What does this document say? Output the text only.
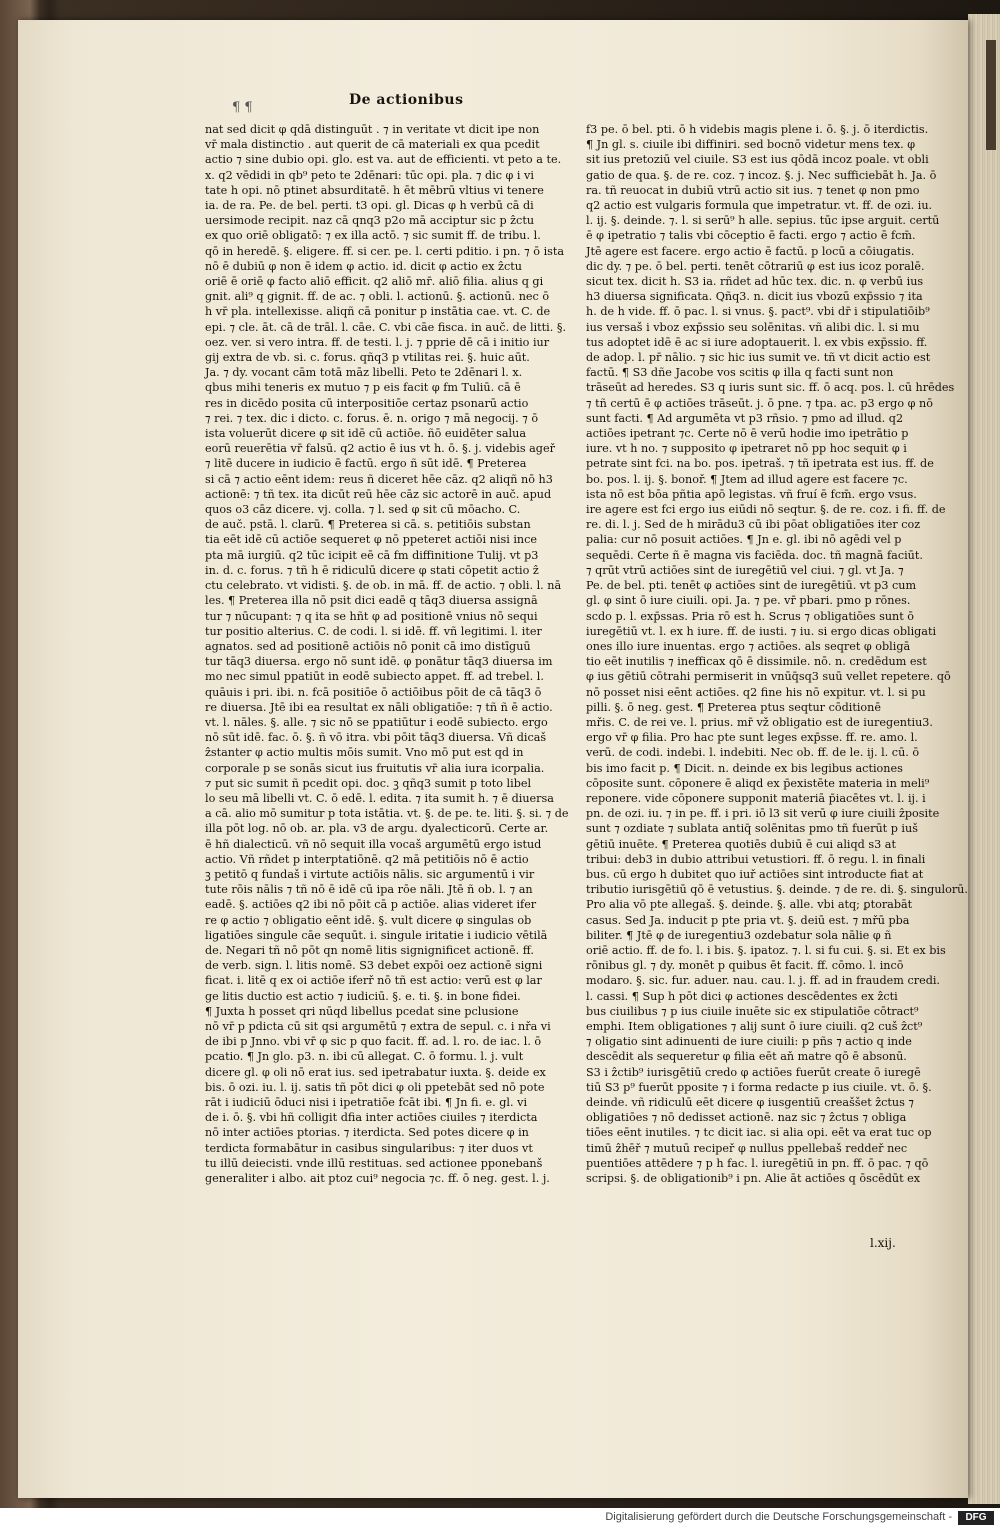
¶ ¶	De actionibus
nat sed dicit φ qdā distinguūt . ⁊ in veritate vt dicit ipe non
vr̄ mala distinctio . aut querit de cā materiali ex qua pcedit
actio ⁊ sine dubio opi. glo. est va. aut de efficienti. vt peto a te.
x. q2 vēdidi in qb⁹ peto te 2dēnari: tūc opi. pla. ⁊ dic φ i vi
tate h opi. nō ptinet absurditatē. h ēt mēbrū vltius vi tenere
ia. de ra. Pe. de bel. perti. t3 opi. gl. Dicas φ h verbū cā di
uersimode recipit. naz cā qnq3 p2o mā acciptur sic p ẑctu
ex quo oriē obligatō: ⁊ ex illa actō. ⁊ sic sumit ff. de tribu. l.
qō in heredē. §. eligere. ff. si cer. pe. l. certi pditio. i pn. ⁊ ō ista
nō ē dubiū φ non ē idem φ actio. id. dicit φ actio ex ẑctu
oriē ē oriē φ facto aliō efficit. q2 aliō mr̄. aliō filia. alius q gi
gnit. ali⁹ q gignit. ff. de ac. ⁊ obli. l. actionū. §. actionū. nec ō
h vr̄ pla. intellexisse. aliqñ cā ponitur p instātia cae. vt. C. de
epi. ⁊ cle. āt. cā de trāl. l. cāe. C. vbi cāe fisca. in auč. de litti. §.
oez. ver. si vero intra. ff. de testi. l. j. ⁊ pprie dē cā i initio iur
gij extra de vb. si. c. forus. qñq3 p vtilitas rei. §. huic aūt.
Ja. ⁊ dy. vocant cām totā māz libelli. Peto te 2dēnari l. x.
qbus mihi teneris ex mutuo ⁊ p eis facit φ fm Tuliū. cā ē
res in dicēdo posita cū interpositiōe certaz psonarū actio
⁊ rei. ⁊ tex. dic i dicto. c. forus. ē. n. origo ⁊ mā negocij. ⁊ ō
ista voluerūt dicere φ sit idē cū actiōe. ñō euidēter salua
eorū reuerētia vr̄ falsū. q2 actio ē ius vt h. ō. §. j. videbis ageř
⁊ litē ducere in iudicio ē factū. ergo ñ sūt idē. ¶ Preterea
si cā ⁊ actio eēnt idem: reus ñ diceret hēe cāz. q2 aliqñ nō h3
actionē: ⁊ tñ tex. ita dicūt reū hēe cāz sic actorē in auč. apud
quos o3 cāz dicere. vj. colla. ⁊ l. sed φ sit cū mōacho. C.
de auč. pstā. l. clarū. ¶ Preterea si cā. s. petitiōis substan
tia eēt idē cū actiōe sequeret φ nō ppeteret actiōi nisi ince
pta mā iurgiū. q2 tūc icipit eē cā fm diffinitione Tulij. vt p3
in. d. c. forus. ⁊ tñ h ē ridiculū dicere φ stati cōpetit actio ẑ
ctu celebrato. vt vidisti. §. de ob. in mā. ff. de actio. ⁊ obli. l. nā
les. ¶ Preterea illa nō psit dici eadē q tāq3 diuersa assignā
tur ⁊ nūcupant: ⁊ q ita se hñt φ ad positionē vnius nō sequi
tur positio alterius. C. de codi. l. si idē. ff. vñ legitimi. l. iter
agnatos. sed ad positionē actiōis nō ponit cā imo distīguū
tur tāq3 diuersa. ergo nō sunt idē. φ ponātur tāq3 diuersa im
mo nec simul ppatiūt in eodē subiecto appet. ff. ad trebel. l.
quāuis i pri. ibi. n. fcā positiōe ō actiōibus pōit de cā tāq3 ō
re diuersa. Jtē ibi ea resultat ex nāli obligatiōe: ⁊ tñ ñ ē actio.
vt. l. nāles. §. alle. ⁊ sic nō se ppatiūtur i eodē subiecto. ergo
nō sūt idē. fac. ō. §. ñ vō itra. vbi pōit tāq3 diuersa. Vñ dicaš
ẑstanter φ actio multis mōis sumit. Vno mō put est qd in
corporale p se sonās sicut ius fruitutis vr̄ alia iura icorpalia.
⁊ put sic sumit ñ pcedit opi. doc. ꝫ qñq3 sumit p toto libel
lo seu mā libelli vt. C. ō edē. l. edita. ⁊ ita sumit h. ⁊ ē diuersa
a cā. alio mō sumitur p tota istātia. vt. §. de pe. te. liti. §. si. ⁊ de
illa pōt log. nō ob. ar. pla. v3 de argu. dyalecticorū. Certe ar.
ē hñ dialecticū. vñ nō sequit illa vocaš argumētū ergo istud
actio. Vñ rñdet p interptatiōnē. q2 mā petitiōis nō ē actio
ꝫ petitō q fundaš i virtute actiōis nālis. sic argumentū i vir
tute rōis nālis ⁊ tñ nō ē idē cū ipa rōe nāli. Jtē ñ ob. l. ⁊ an
eadē. §. actiōes q2 ibi nō pōit cā p actiōe. alias videret ifer
re φ actio ⁊ obligatio eēnt idē. §. vult dicere φ singulas ob
ligatiōes singule cāe sequūt. i. singule iritatie i iudicio vētilā
de. Negari tñ nō pōt qn nomē litis signignificet actionē. ff.
de verb. sign. l. litis nomē. S3 debet expōi oez actionē signi
ficat. i. litē q ex oi actiōe iferř nō tñ est actio: verū est φ lar
ge litis ductio est actio ⁊ iudiciū. §. e. ti. §. in bone fidei.
¶ Juxta h posset qri nūqd libellus pcedat sine pclusione
nō vr̄ p pdicta cū sit qsi argumētū ⁊ extra de sepul. c. i nřa vi
de ibi p Jnno. vbi vr̄ φ sic p quo facit. ff. ad. l. ro. de iac. l. ō
pcatio. ¶ Jn glo. p3. n. ibi cū allegat. C. ō formu. l. j. vult
dicere gl. φ oli nō erat ius. sed ipetrabatur iuxta. §. deide ex
bis. ō ozi. iu. l. ij. satis tñ pōt dici φ oli ppetebāt sed nō pote
rāt i iudiciū ōduci nisi i ipetratiōe fcāt ibi. ¶ Jn fi. e. gl. vi
de i. ō. §. vbi hñ colligit dfia inter actiōes ciuiles ⁊ iterdicta
nō inter actiōes ptorias. ⁊ iterdicta. Sed potes dicere φ in
terdicta formabātur in casibus singularibus: ⁊ iter duos vt
tu illū deiecisti. vnde illū restituas. sed actionee pponebanš
generaliter i albo. ait ptoz cui⁹ negocia ⁊c. ff. ō neg. gest. l. j.
f3 pe. ō bel. pti. ō h videbis magis plene i. ō. §. j. ō iterdictis.
¶ Jn gl. s. ciuile ibi diffiniri. sed bocnō videtur mens tex. φ
sit ius pretoziū vel ciuile. S3 est ius qōdā incoz poale. vt obli
gatio de qua. §. de re. coz. ⁊ incoz. §. j. Nec sufficiebāt h. Ja. ō
ra. tñ reuocat in dubiū vtrū actio sit ius. ⁊ tenet φ non pmo
q2 actio est vulgaris formula que impetratur. vt. ff. de ozi. iu.
l. ij. §. deinde. ⁊. l. si serū⁹ h alle. sepius. tūc ipse arguit. certū
ē φ ipetratio ⁊ talis vbi cōceptio ē facti. ergo ⁊ actio ē fcm̄.
Jtē agere est facere. ergo actio ē factū. p locū a cōiugatis.
dic dy. ⁊ pe. ō bel. perti. tenēt cōtrariū φ est ius icoz poralē.
sicut tex. dicit h. S3 ia. rñdet ad hūc tex. dic. n. φ verbū ius
h3 diuersa significata. Qñq3. n. dicit ius vbozū exp̄ssio ⁊ ita
h. de h vide. ff. ō pac. l. si vnus. §. pact⁹. vbi dr̄ i stipulatiōib⁹
ius versaš i vboz exp̄ssio seu solēnitas. vñ alibi dic. l. si mu
tus adoptet idē ē ac si iure adoptauerit. l. ex vbis exp̄ssio. ff.
de adop. l. pr̄ nālio. ⁊ sic hic ius sumit ve. tñ vt dicit actio est
factū. ¶ S3 dñe Jacobe vos scitis φ illa q facti sunt non
trāseūt ad heredes. S3 q iuris sunt sic. ff. ō acq. pos. l. cū hrēdes
⁊ tñ certū ē φ actiōes trāseūt. j. ō pne. ⁊ tpa. ac. p3 ergo φ nō
sunt facti. ¶ Ad argumēta vt p3 rñsio. ⁊ pmo ad illud. q2
actiōes ipetrant ⁊c. Certe nō ē verū hodie imo ipetrātio p
iure. vt h no. ⁊ supposito φ ipetraret nō pp hoc sequit φ i
petrate sint fci. na bo. pos. ipetraš. ⁊ tñ ipetrata est ius. ff. de
bo. pos. l. ij. §. bonoř. ¶ Jtem ad illud agere est facere ⁊c.
ista nō est bōa pñtia apō legistas. vñ fruí ē fcm̄. ergo vsus.
ire agere est fci ergo ius eiūdi nō seqtur. §. de re. coz. i fi. ff. de
re. di. l. j. Sed de h mirādu3 cū ibi pōat obligatiōes iter coz
palia: cur nō posuit actiōes. ¶ Jn e. gl. ibi nō agēdi vel p
sequēdi. Certe ñ ē magna vis faciēda. doc. tñ magnā faciūt.
⁊ qrūt vtrū actiōes sint de iuregētiū vel ciui. ⁊ gl. vt Ja. ⁊
Pe. de bel. pti. tenēt φ actiōes sint de iuregētiū. vt p3 cum
gl. φ sint ō iure ciuili. opi. Ja. ⁊ pe. vr̄ pbari. pmo p rōnes.
scdo p. l. exp̄ssas. Pria rō est h. Scrus ⁊ obligatiōes sunt ō
iuregētiū vt. l. ex h iure. ff. de iusti. ⁊ iu. si ergo dicas obligati
ones illo iure inuentas. ergo ⁊ actiōes. als seqret φ obligā
tio eēt inutilis ⁊ inefficax qō ē dissimile. nō. n. credēdum est
φ ius gētiū cōtrahi permiserit in vnūq̄sq3 suū vellet repetere. qō
nō posset nisi eēnt actiōes. q2 fine his nō expitur. vt. l. si pu
pilli. §. ō neg. gest. ¶ Preterea ptus seqtur cōditionē
mřis. C. de rei ve. l. prius. mr̄ vž obligatio est de iuregentiu3.
ergo vr̄ φ filia. Pro hac pte sunt leges exp̄sse. ff. re. amo. l.
verū. de codi. indebi. l. indebiti. Nec ob. ff. de le. ij. l. cū. ō
bis imo facit p. ¶ Dicit. n. deinde ex bis legibus actiones
cōposite sunt. cōponere ē aliqd ex p̄existēte materia in meli⁹
reponere. vide cōponere supponit materiā p̄iacētes vt. l. ij. i
pn. de ozi. iu. ⁊ in pe. ff. i pri. iō l3 sit verū φ iure ciuili ẑposite
sunt ⁊ ozdiate ⁊ sublata antiq̄ solēnitas pmo tñ fuerūt p iuš
gētiū inuēte. ¶ Preterea quotiēs dubiū ē cui aliqd s3 at
tribui: deb3 in dubio attribui vetustiori. ff. ō regu. l. in finali
bus. cū ergo h dubitet quo iuř actiōes sint introducte fiat at
tributio iurisgētiū qō ē vetustius. §. deinde. ⁊ de re. di. §. singulorū.
Pro alia vō pte allegaš. §. deinde. §. alle. vbi atq; ꝑtorabāt
casus. Sed Ja. inducit p pte pria vt. §. deiū est. ⁊ mřū pba
biliter. ¶ Jtē φ de iuregentiu3 ozdebatur sola nālie φ ñ
oriē actio. ff. de fo. l. i bis. §. ipatoz. ⁊. l. si fu cui. §. si. Et ex bis
rōnibus gl. ⁊ dy. monēt p quibus ēt facit. ff. cōmo. l. incō
modaro. §. sic. fur. aduer. nau. cau. l. j. ff. ad in fraudem credi.
l. cassi. ¶ Sup h pōt dici φ actiones descēdentes ex ẑcti
bus ciuilibus ⁊ p ius ciuile inuēte sic ex stipulatiōe cōtract⁹
emphi. Item obligationes ⁊ alij sunt ō iure ciuili. q2 cuš ẑct⁹
⁊ oligatio sint adinuenti de iure ciuili: p pñs ⁊ actio q inde
descēdit als sequeretur φ filia eēt aň matre qō ē absonū.
S3 i ẑctib⁹ iurisgētiū credo φ actiōes fuerūt create ō iuregē
tiū S3 p⁹ fuerūt pposite ⁊ i forma redacte p ius ciuile. vt. ō. §.
deinde. vñ ridiculū eēt dicere φ iusgentiū creaššet ẑctus ⁊
obligatiōes ⁊ nō dedisset actionē. naz sic ⁊ ẑctus ⁊ obliga
tiōes eēnt inutiles. ⁊ tc dicit iac. si alia opi. eēt va erat tuc op
timū ẑhēř ⁊ mutuū recipeř φ nullus ppellebaš reddeř nec
puentiōes attēdere ⁊ p h fac. l. iuregētiū in pn. ff. ō pac. ⁊ qō
scripsi. §. de obligationib⁹ i pn. Alie āt actiōes q ōscēdūt ex
l.xij.
Digitalisierung gefördert durch die Deutsche Forschungsgemeinschaft -	DFG
